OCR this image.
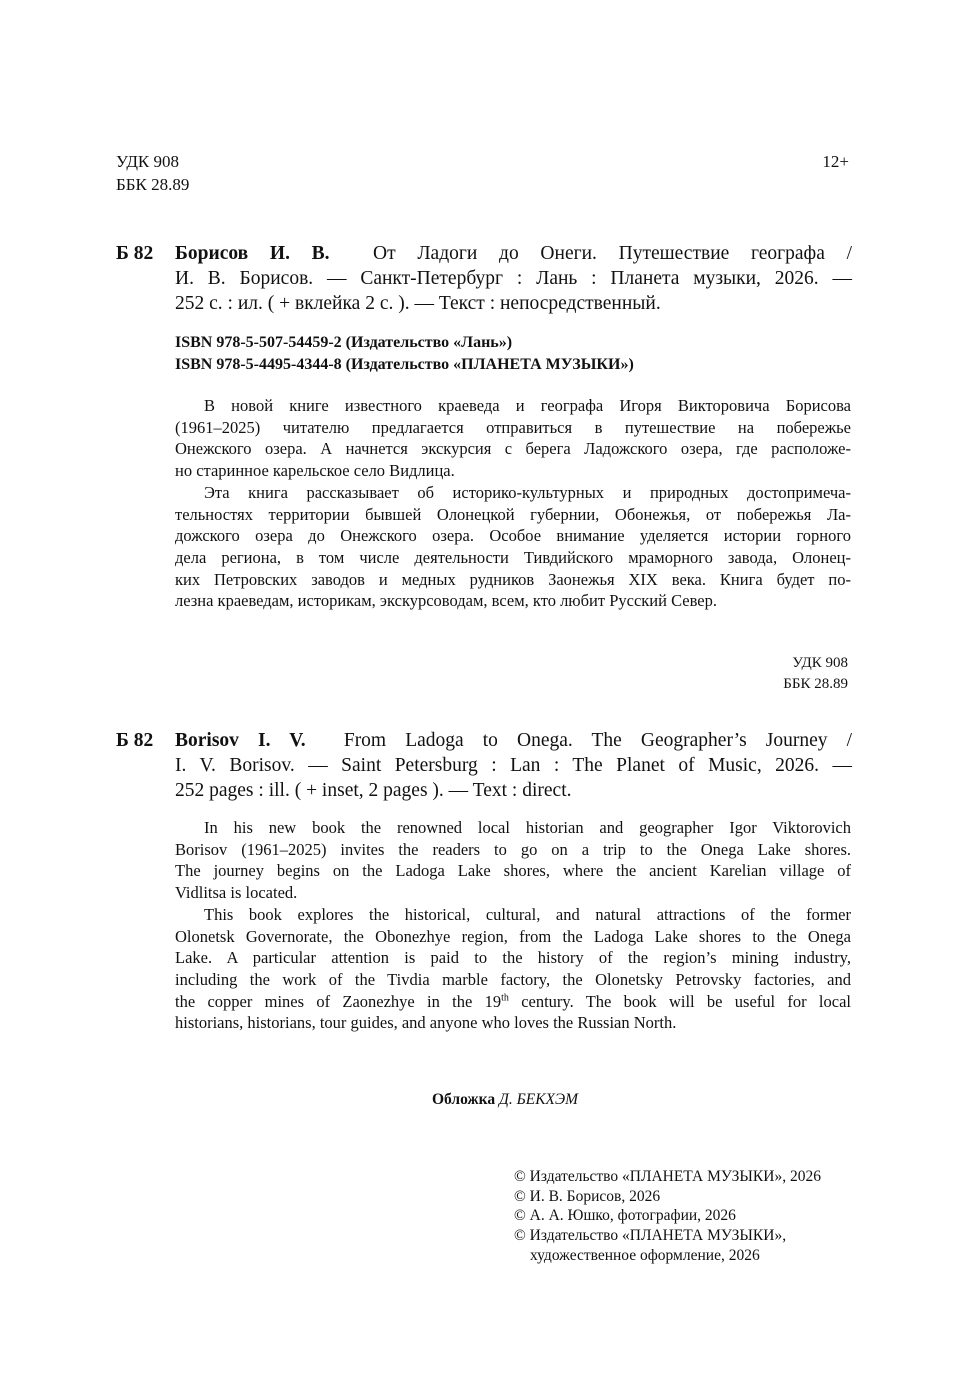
УДК 908
ББК 28.89
12+
Б 82 Борисов И. В. От Ладоги до Онеги. Путешествие географа /
И. В. Борисов. — Санкт-Петербург : Лань : Планета музыки, 2026. —
252 с. : ил. ( + вклейка 2 с. ). — Текст : непосредственный.
ISBN 978-5-507-54459-2 (Издательство «Лань»)
ISBN 978-5-4495-4344-8 (Издательство «ПЛАНЕТА МУЗЫКИ»)

В новой книге известного краеведа и географа Игоря Викторовича Борисова
(1961–2025) читателю предлагается отправиться в путешествие на побережье
Онежского озера. А начнется экскурсия с берега Ладожского озера, где расположе-
но старинное карельское село Видлица.

Эта книга рассказывает об историко-культурных и природных достопримеча-
тельностях территории бывшей Олонецкой губернии, Обонежья, от побережья Ла-
дожского озера до Онежского озера. Особое внимание уделяется истории горного
дела региона, в том числе деятельности Тивдийского мраморного завода, Олонец-
ких Петровских заводов и медных рудников Заонежья XIX века. Книга будет по-
лезна краеведам, историкам, экскурсоводам, всем, кто любит Русский Север.

УДК 908
ББК 28.89
Б 82 Borisov I. V. From Ladoga to Onega. The Geographer’s Journey /
I. V. Borisov. — Saint Petersburg : Lan : The Planet of Music, 2026. —
252 pages : ill. ( + inset, 2 pages ). — Text : direct.

In his new book the renowned local historian and geographer Igor Viktorovich
Borisov (1961–2025) invites the readers to go on a trip to the Onega Lake shores.
The journey begins on the Ladoga Lake shores, where the ancient Karelian village of
Vidlitsa is located.

This book explores the historical, cultural, and natural attractions of the former
Olonetsk Governorate, the Obonezhye region, from the Ladoga Lake shores to the Onega
Lake. A particular attention is paid to the history of the region’s mining industry,
including the work of the Tivdia marble factory, the Olonetsky Petrovsky factories, and
the copper mines of Zaonezhye in the 19th century. The book will be useful for local
historians, historians, tour guides, and anyone who loves the Russian North.

Обложка Д. БЕКХЭМ
© Издательство «ПЛАНЕТА МУЗЫКИ», 2026
© И. В. Борисов, 2026
© А. А. Юшко, фотографии, 2026
© Издательство «ПЛАНЕТА МУЗЫКИ»,
художественное оформление, 2026
